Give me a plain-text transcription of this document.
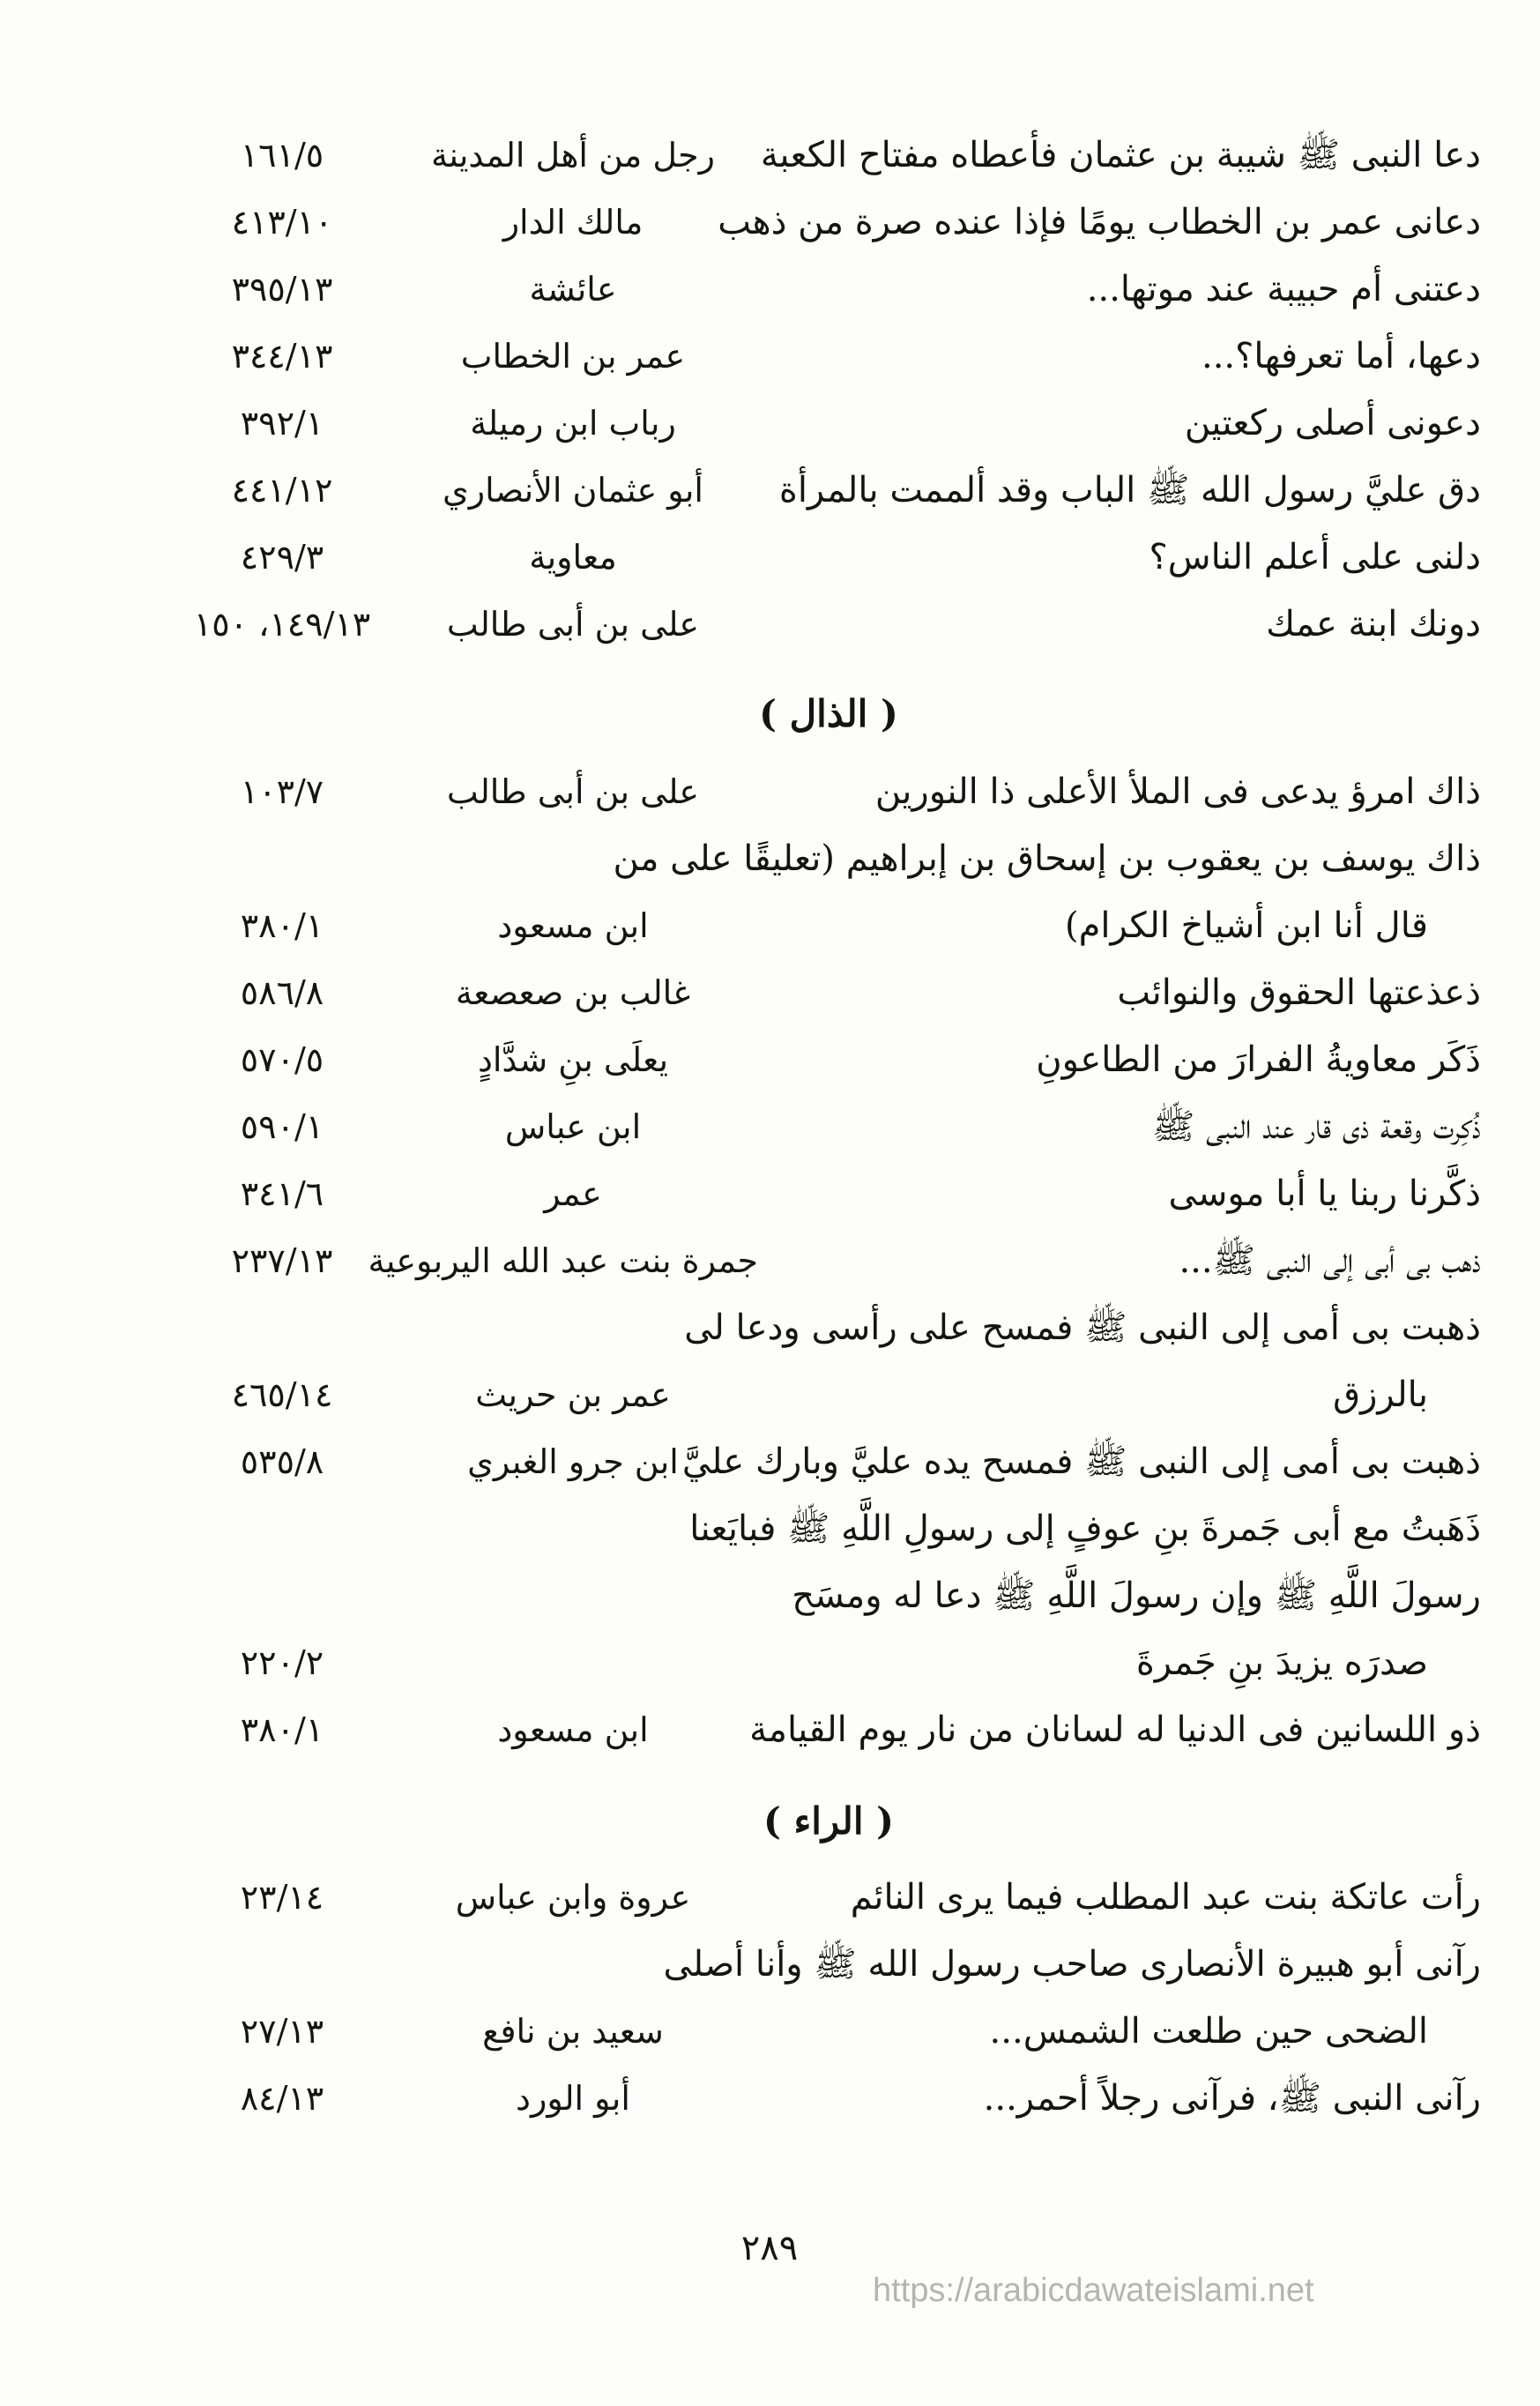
دعا النبى ﷺ شيبة بن عثمان فأعطاه مفتاح الكعبة
رجل من أهل المدينة
١٦١/٥
دعانى عمر بن الخطاب يومًا فإذا عنده صرة من ذهب
مالك الدار
٤١٣/١٠
دعتنى أم حبيبة عند موتها...
عائشة
٣٩٥/١٣
دعها، أما تعرفها؟...
عمر بن الخطاب
٣٤٤/١٣
دعونى أصلى ركعتين
رباب ابن رميلة
٣٩٢/١
دق عليَّ رسول الله ﷺ الباب وقد ألممت بالمرأة
أبو عثمان الأنصاري
٤٤١/١٢
دلنى على أعلم الناس؟
معاوية
٤٢٩/٣
دونك ابنة عمك
على بن أبى طالب
١٤٩/١٣، ١٥٠
( الذال )
ذاك امرؤ يدعى فى الملأ الأعلى ذا النورين
على بن أبى طالب
١٠٣/٧
ذاك يوسف بن يعقوب بن إسحاق بن إبراهيم (تعليقًا على من
قال أنا ابن أشياخ الكرام)
ابن مسعود
٣٨٠/١
ذعذعتها الحقوق والنوائب
غالب بن صعصعة
٥٨٦/٨
ذَكَر معاويةُ الفرارَ من الطاعونِ
يعلَى بنِ شدَّادٍ
٥٧٠/٥
ذُكِرت وقعة ذى قار عند النبى ﷺ
ابن عباس
٥٩٠/١
ذكَّرنا ربنا يا أبا موسى
عمر
٣٤١/٦
ذهب بى أبى إلى النبى ﷺ...
جمرة بنت عبد الله اليربوعية
٢٣٧/١٣
ذهبت بى أمى إلى النبى ﷺ فمسح على رأسى ودعا لى
بالرزق
عمر بن حريث
٤٦٥/١٤
ذهبت بى أمى إلى النبى ﷺ فمسح يده عليَّ وبارك عليَّ
ابن جرو الغبري
٥٣٥/٨
ذَهَبتُ مع أبى جَمرةَ بنِ عوفٍ إلى رسولِ اللَّهِ ﷺ فبايَعنا
رسولَ اللَّهِ ﷺ وإن رسولَ اللَّهِ ﷺ دعا له ومسَح
صدرَه يزيدَ بنِ جَمرةَ
٢٢٠/٢
ذو اللسانين فى الدنيا له لسانان من نار يوم القيامة
ابن مسعود
٣٨٠/١
( الراء )
رأت عاتكة بنت عبد المطلب فيما يرى النائم
عروة وابن عباس
٢٣/١٤
رآنى أبو هبيرة الأنصارى صاحب رسول الله ﷺ وأنا أصلى
الضحى حين طلعت الشمس...
سعيد بن نافع
٢٧/١٣
رآنى النبى ﷺ، فرآنى رجلاً أحمر...
أبو الورد
٨٤/١٣
٢٨٩
https://arabicdawateislami.net
